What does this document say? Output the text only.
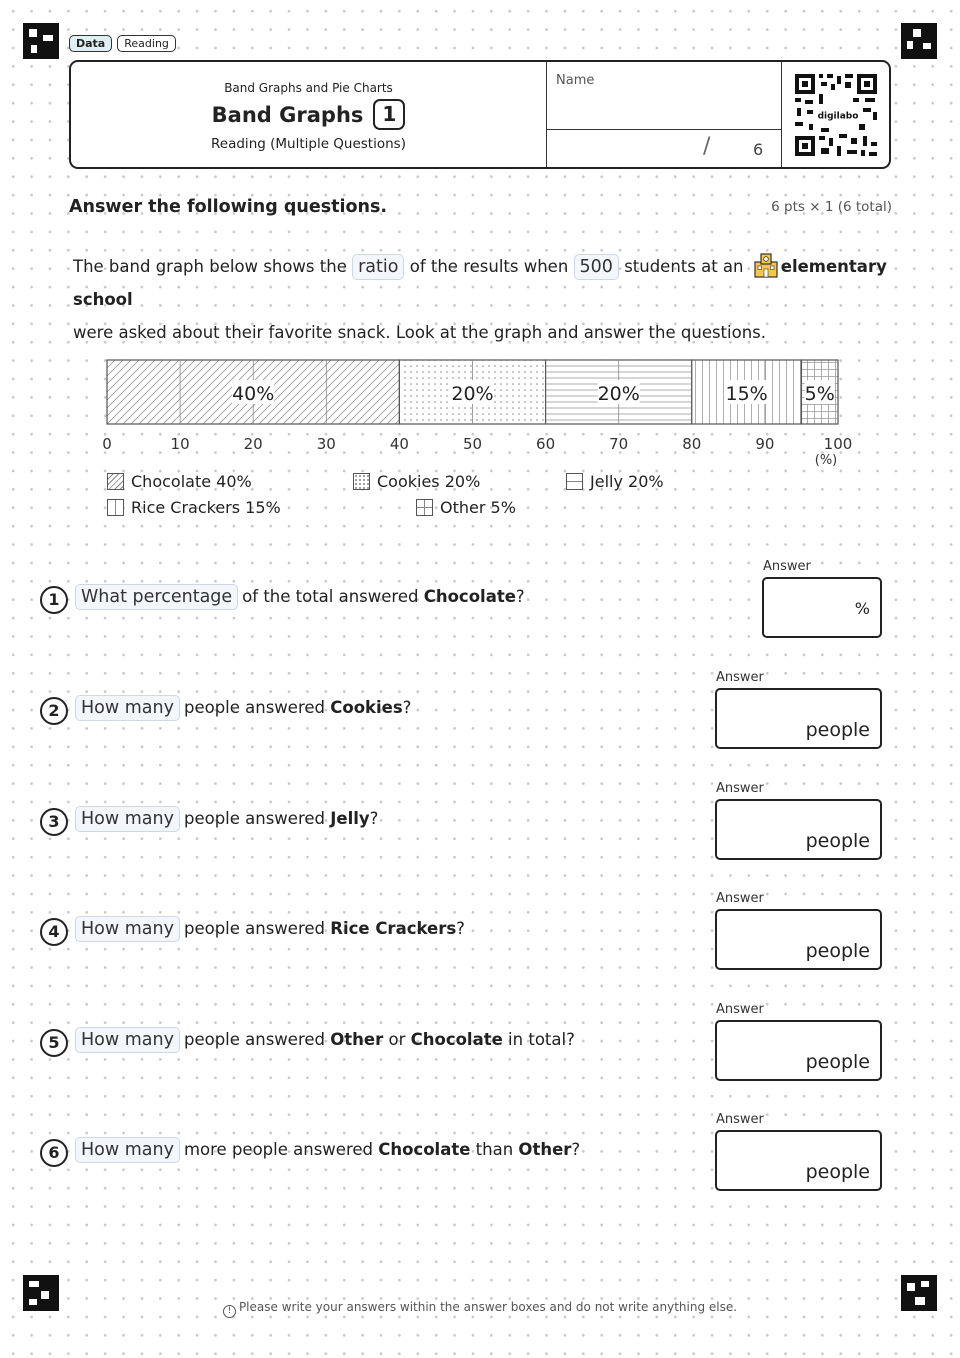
Data	Reading
Band Graphs and Pie Charts
Band Graphs 1
Reading (Multiple Questions)
Name
/	6
digilabo
Answer the following questions.	6 pts × 1 (6 total)
The band graph below shows the ratio of the results when 500 students at an elementary school
were asked about their favorite snack. Look at the graph and answer the questions.
40%	20%	20%	15% 5%
0	10	20	30	40	50	60	70	80	90	100
(%)
Chocolate 40%	Cookies 20%	Jelly 20%
Rice Crackers 15%	Other 5%
1	What percentage of the total answered Chocolate?
Answer
%
2	How many people answered Cookies?
Answer
people
3	How many people answered Jelly?
Answer
people
4	How many people answered Rice Crackers?
Answer
people
5	How many people answered Other or Chocolate in total?
Answer
people
6	How many more people answered Chocolate than Other?
Answer
people
! Please write your answers within the answer boxes and do not write anything else.
